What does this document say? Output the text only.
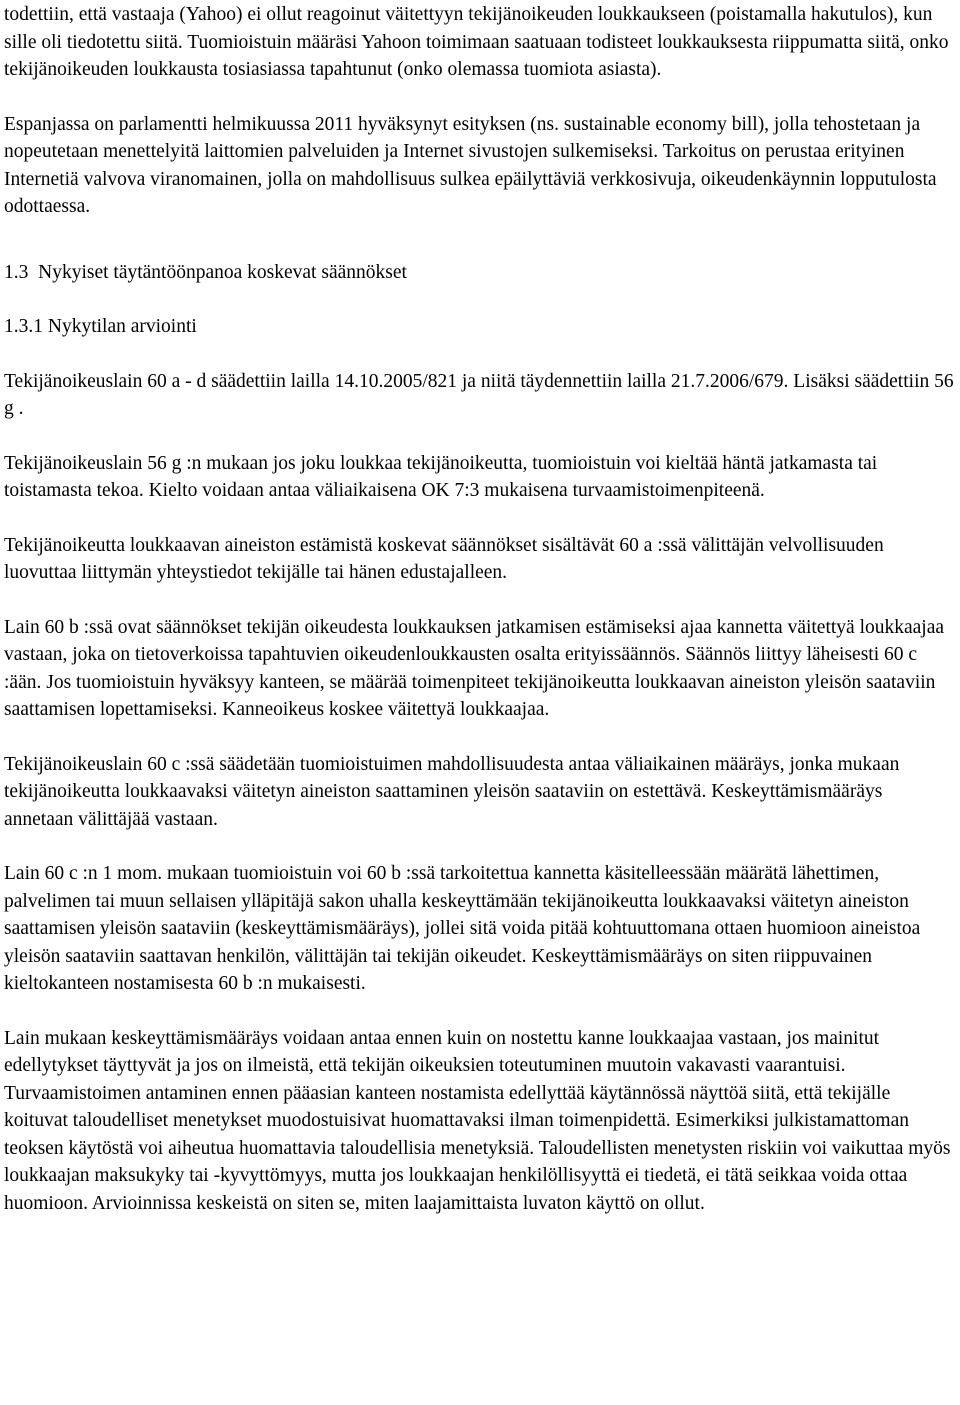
todettiin, että vastaaja (Yahoo) ei ollut reagoinut väitettyyn tekijänoikeuden loukkaukseen (poistamalla hakutulos), kun sille oli tiedotettu siitä. Tuomioistuin määräsi Yahoon toimimaan saatuaan todisteet loukkauksesta riippumatta siitä, onko tekijänoikeuden loukkausta tosiasiassa tapahtunut (onko olemassa tuomiota asiasta).

Espanjassa on parlamentti helmikuussa 2011 hyväksynyt esityksen (ns. sustainable economy bill), jolla tehostetaan ja nopeutetaan menettelyitä laittomien palveluiden ja Internet sivustojen sulkemiseksi. Tarkoitus on perustaa erityinen Internetiä valvova viranomainen, jolla on mahdollisuus sulkea epäilyttäviä verkkosivuja, oikeudenkäynnin lopputulosta odottaessa.

1.3  Nykyiset täytäntöönpanoa koskevat säännökset

1.3.1 Nykytilan arviointi

Tekijänoikeuslain 60 a - d säädettiin lailla 14.10.2005/821 ja niitä täydennettiin lailla 21.7.2006/679. Lisäksi säädettiin 56 g .

Tekijänoikeuslain 56 g :n mukaan jos joku loukkaa tekijänoikeutta, tuomioistuin voi kieltää häntä jatkamasta tai toistamasta tekoa. Kielto voidaan antaa väliaikaisena OK 7:3 mukaisena turvaamistoimenpiteenä.

Tekijänoikeutta loukkaavan aineiston estämistä koskevat säännökset sisältävät 60 a :ssä välittäjän velvollisuuden luovuttaa liittymän yhteystiedot tekijälle tai hänen edustajalleen.

Lain 60 b :ssä ovat säännökset tekijän oikeudesta loukkauksen jatkamisen estämiseksi ajaa kannetta väitettyä loukkaajaa vastaan, joka on tietoverkoissa tapahtuvien oikeudenloukkausten osalta erityissäännös. Säännös liittyy läheisesti 60 c :ään. Jos tuomioistuin hyväksyy kanteen, se määrää toimenpiteet tekijänoikeutta loukkaavan aineiston yleisön saataviin saattamisen lopettamiseksi. Kanneoikeus koskee väitettyä loukkaajaa.

Tekijänoikeuslain 60 c :ssä säädetään tuomioistuimen mahdollisuudesta antaa väliaikainen määräys, jonka mukaan tekijänoikeutta loukkaavaksi väitetyn aineiston saattaminen yleisön saataviin on estettävä. Keskeyttämismääräys annetaan välittäjää vastaan.

Lain 60 c :n 1 mom. mukaan tuomioistuin voi 60 b :ssä tarkoitettua kannetta käsitelleessään määrätä lähettimen, palvelimen tai muun sellaisen ylläpitäjä sakon uhalla keskeyttämään tekijänoikeutta loukkaavaksi väitetyn aineiston saattamisen yleisön saataviin (keskeyttämismääräys), jollei sitä voida pitää kohtuuttomana ottaen huomioon aineistoa yleisön saataviin saattavan henkilön, välittäjän tai tekijän oikeudet. Keskeyttämismääräys on siten riippuvainen kieltokanteen nostamisesta 60 b :n mukaisesti.

Lain mukaan keskeyttämismääräys voidaan antaa ennen kuin on nostettu kanne loukkaajaa vastaan, jos mainitut edellytykset täyttyvät ja jos on ilmeistä, että tekijän oikeuksien toteutuminen muutoin vakavasti vaarantuisi. Turvaamistoimen antaminen ennen pääasian kanteen nostamista edellyttää käytännössä näyttöä siitä, että tekijälle koituvat taloudelliset menetykset muodostuisivat huomattavaksi ilman toimenpidettä. Esimerkiksi julkistamattoman teoksen käytöstä voi aiheutua huomattavia taloudellisia menetyksiä. Taloudellisten menetysten riskiin voi vaikuttaa myös loukkaajan maksukyky tai -kyvyttömyys, mutta jos loukkaajan henkilöllisyyttä ei tiedetä, ei tätä seikkaa voida ottaa huomioon. Arvioinnissa keskeistä on siten se, miten laajamittaista luvaton käyttö on ollut.
